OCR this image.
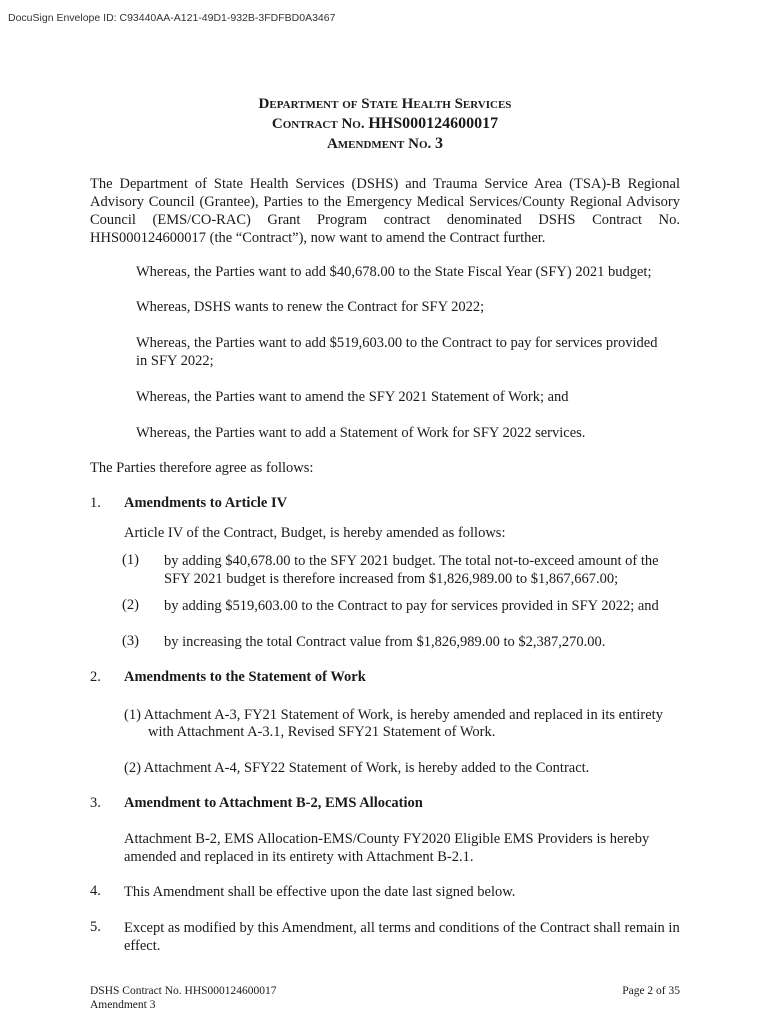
DocuSign Envelope ID: C93440AA-A121-49D1-932B-3FDFBD0A3467
Department of State Health Services
Contract No. HHS000124600017
Amendment No. 3
The Department of State Health Services (DSHS) and Trauma Service Area (TSA)-B Regional Advisory Council (Grantee), Parties to the Emergency Medical Services/County Regional Advisory Council (EMS/CO-RAC) Grant Program contract denominated DSHS Contract No. HHS000124600017 (the “Contract”), now want to amend the Contract further.
Whereas, the Parties want to add $40,678.00 to the State Fiscal Year (SFY) 2021 budget;
Whereas, DSHS wants to renew the Contract for SFY 2022;
Whereas, the Parties want to add $519,603.00 to the Contract to pay for services provided
in SFY 2022;
Whereas, the Parties want to amend the SFY 2021 Statement of Work; and
Whereas, the Parties want to add a Statement of Work for SFY 2022 services.
The Parties therefore agree as follows:
1. Amendments to Article IV
Article IV of the Contract, Budget, is hereby amended as follows:
(1) by adding $40,678.00 to the SFY 2021 budget. The total not-to-exceed amount of the SFY 2021 budget is therefore increased from $1,826,989.00 to $1,867,667.00;
(2) by adding $519,603.00 to the Contract to pay for services provided in SFY 2022; and
(3) by increasing the total Contract value from $1,826,989.00 to $2,387,270.00.
2. Amendments to the Statement of Work
(1) Attachment A-3, FY21 Statement of Work, is hereby amended and replaced in its entirety
with Attachment A-3.1, Revised SFY21 Statement of Work.
(2) Attachment A-4, SFY22 Statement of Work, is hereby added to the Contract.
3. Amendment to Attachment B-2, EMS Allocation
Attachment B-2, EMS Allocation-EMS/County FY2020 Eligible EMS Providers is hereby amended and replaced in its entirety with Attachment B-2.1.
4. This Amendment shall be effective upon the date last signed below.
5. Except as modified by this Amendment, all terms and conditions of the Contract shall remain in effect.
DSHS Contract No. HHS000124600017
Amendment 3
Page 2 of 35
